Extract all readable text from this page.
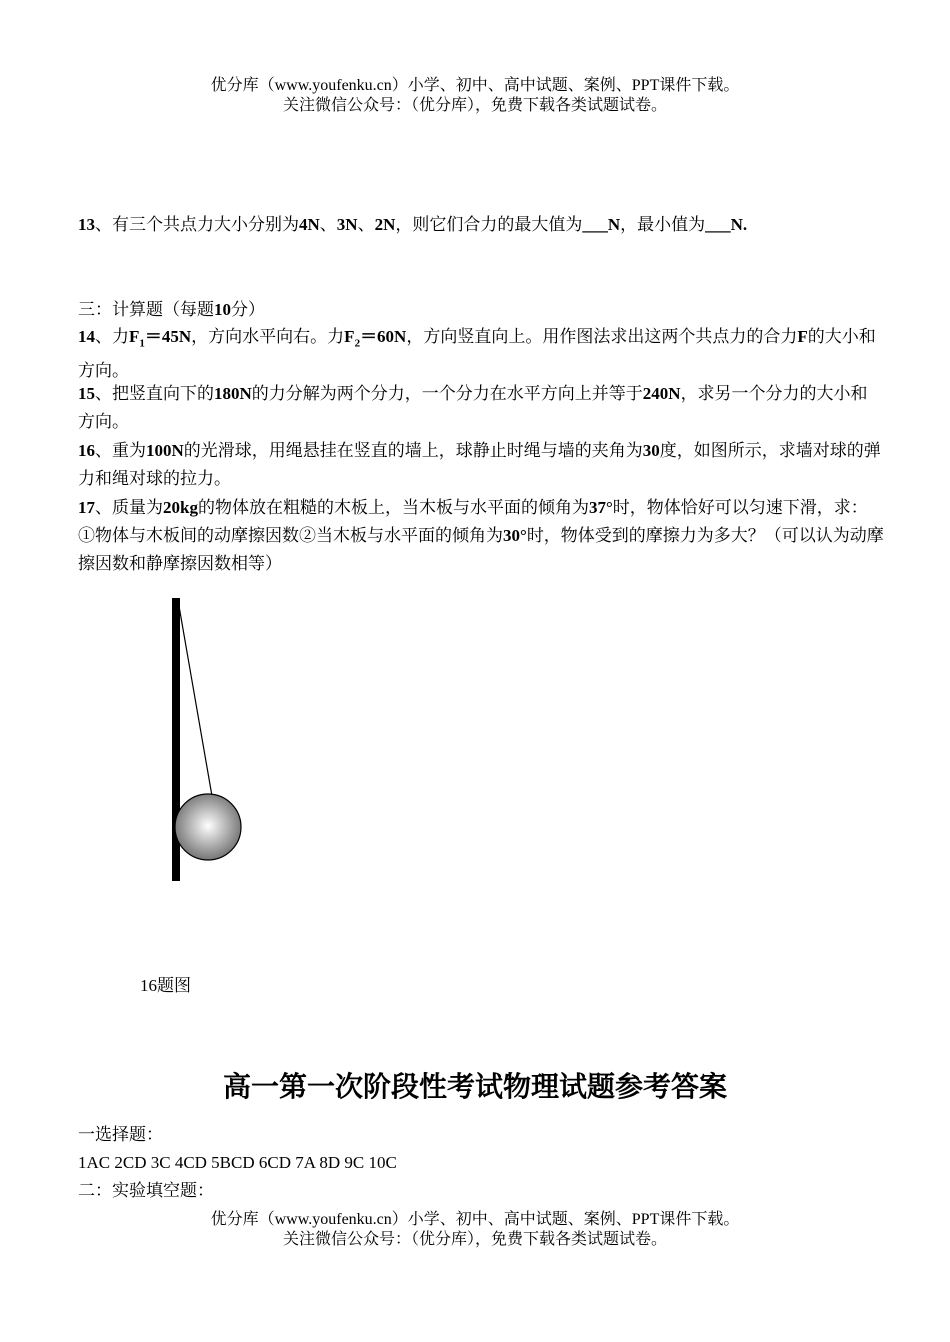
优分库（www.youfenku.cn）小学、初中、高中试题、案例、PPT课件下载。
关注微信公众号：（优分库），免费下载各类试题试卷。
13、有三个共点力大小分别为4N、3N、2N，则它们合力的最大值为___N，最小值为___N.
三：计算题（每题10分）
14、力$F_1=45N$，方向水平向右。力$F_2=60N$，方向竖直向上。用作图法求出这两个共点力的合力F的大小和方向。
15、把竖直向下的180N的力分解为两个分力，一个分力在水平方向上并等于240N，求另一个分力的大小和方向。
16、重为100N的光滑球，用绳悬挂在竖直的墙上，球静止时绳与墙的夹角为30度，如图所示，求墙对球的弹力和绳对球的拉力。
17、质量为20kg的物体放在粗糙的木板上，当木板与水平面的倾角为37°时，物体恰好可以匀速下滑，求：①物体与木板间的动摩擦因数②当木板与水平面的倾角为30°时，物体受到的摩擦力为多大？（可以认为动摩擦因数和静摩擦因数相等）
16题图
高一第一次阶段性考试物理试题参考答案
一选择题：
1AC 2CD 3C 4CD 5BCD 6CD 7A 8D 9C 10C
二：实验填空题：
优分库（www.youfenku.cn）小学、初中、高中试题、案例、PPT课件下载。
关注微信公众号：（优分库），免费下载各类试题试卷。
